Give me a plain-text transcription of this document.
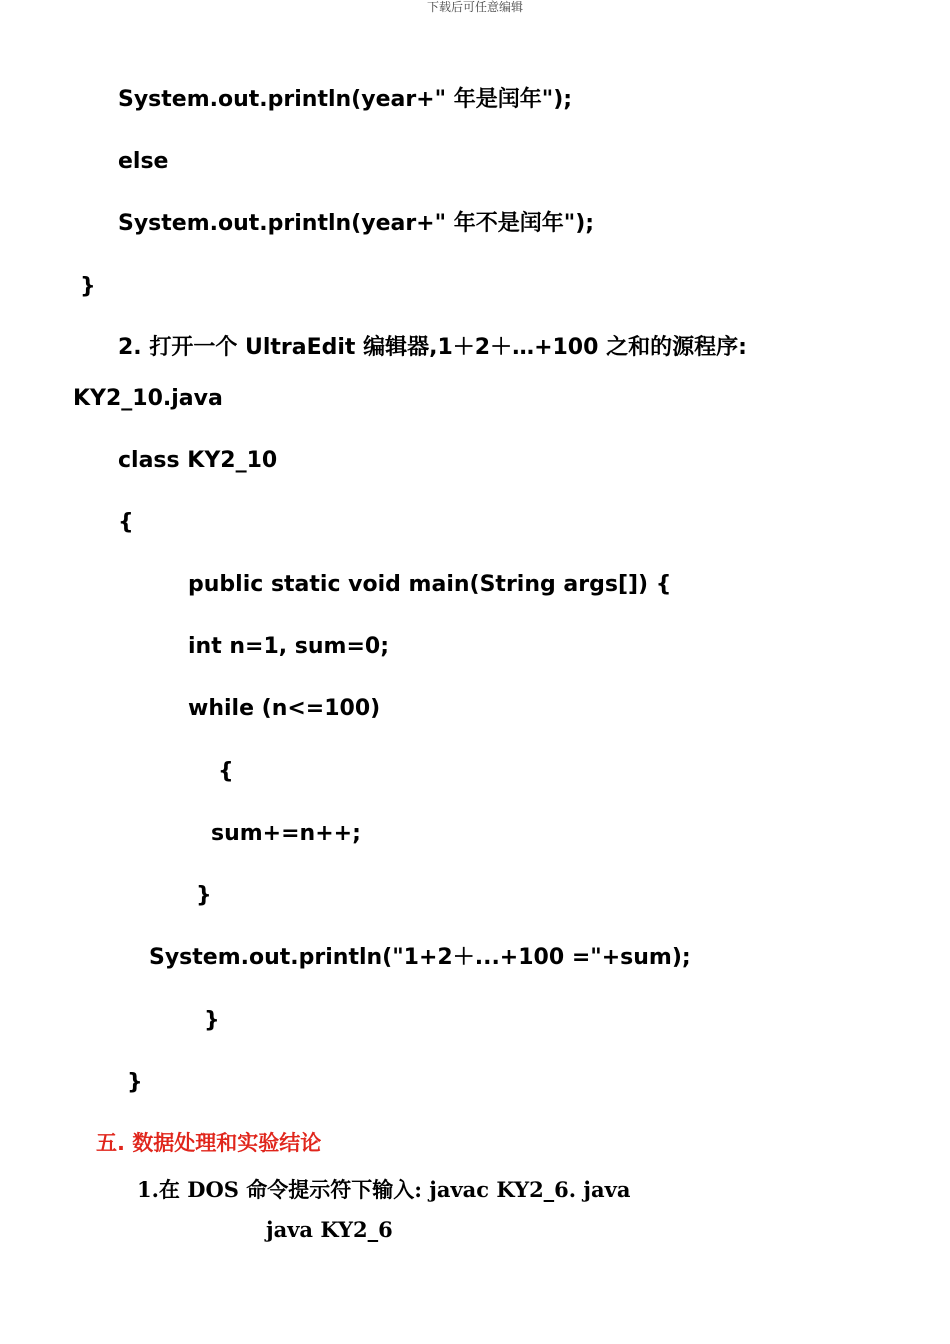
下载后可任意编辑
System.out.println(year+" 年是闰年");
else
System.out.println(year+" 年不是闰年");
}
2. 打开一个 UltraEdit 编辑器,1＋2＋…+100 之和的源程序:
KY2_10.java
class KY2_10
{
public static void main(String args[]) {
int n=1, sum=0;
while (n<=100)
{
sum+=n++;
}
System.out.println("1+2＋...+100 ="+sum);
}
}
五. 数据处理和实验结论
1.在 DOS 命令提示符下输入: javac KY2_6. java
java KY2_6
